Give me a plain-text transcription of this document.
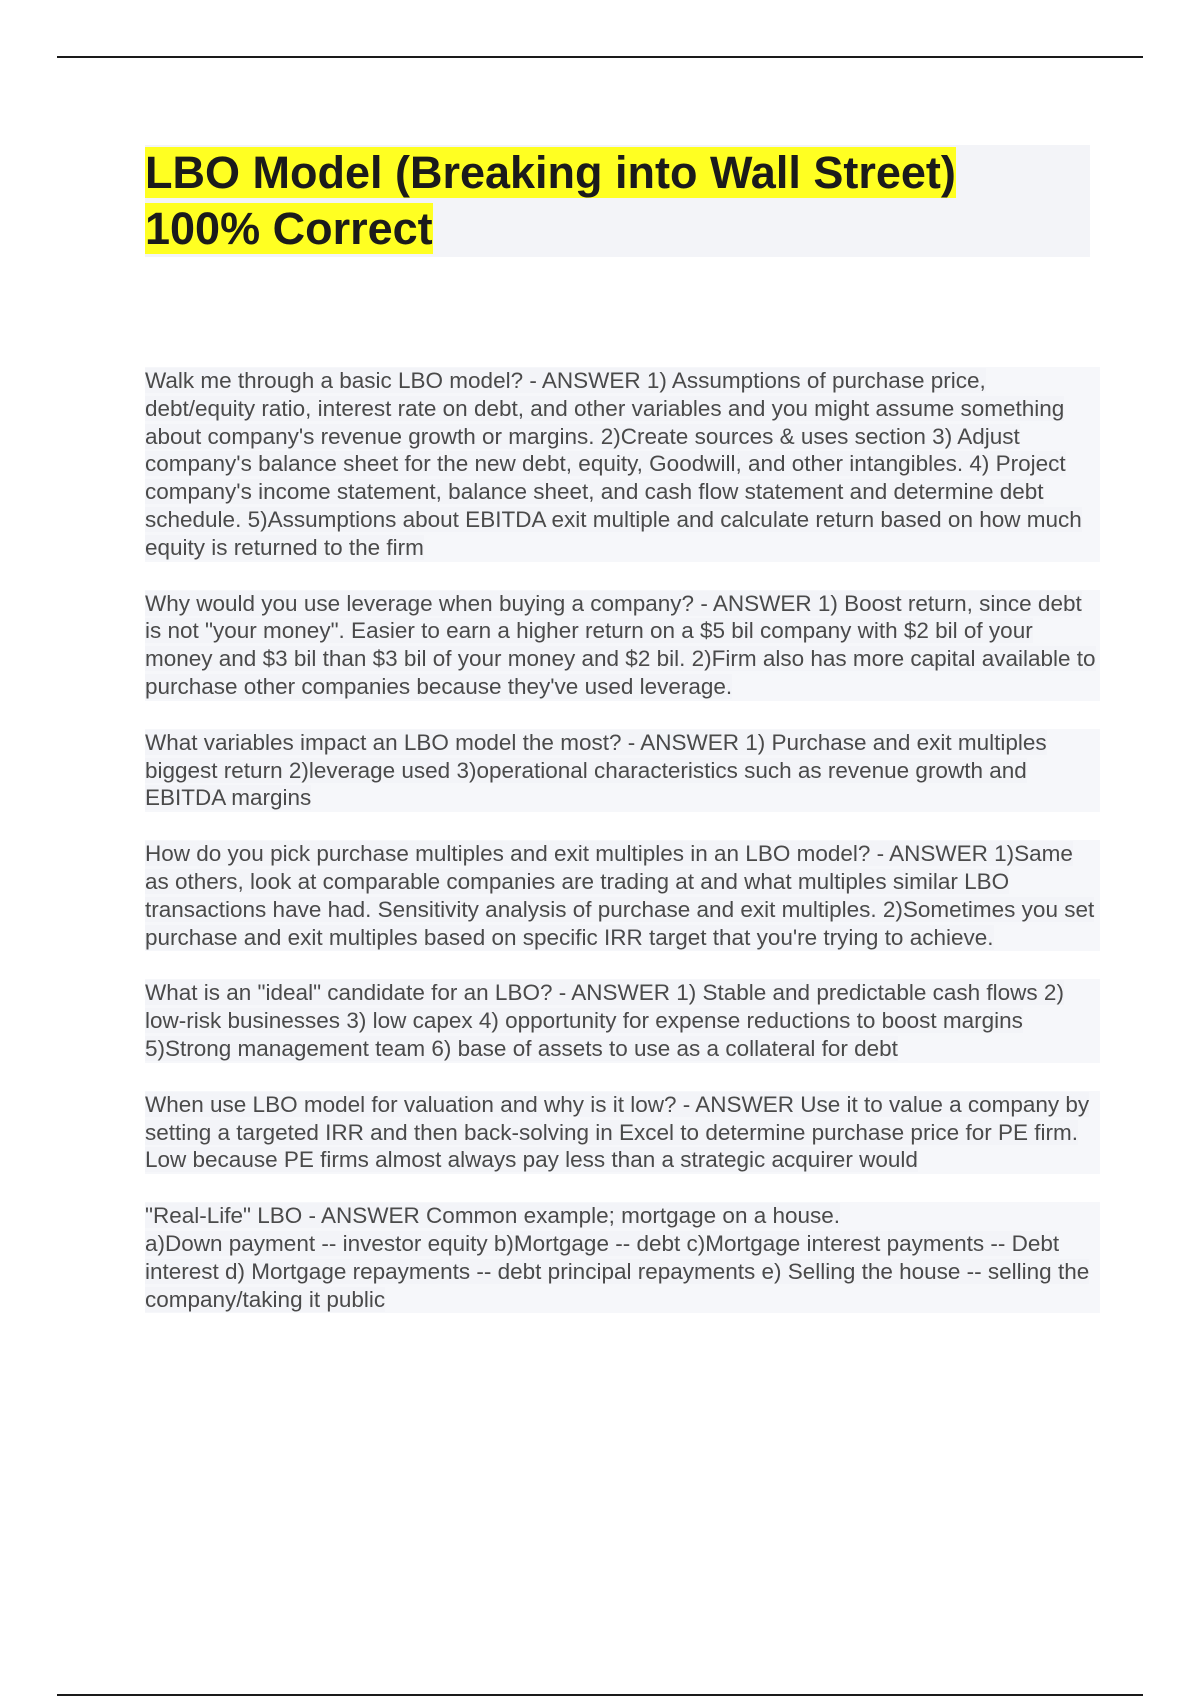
LBO Model (Breaking into Wall Street)
100% Correct

Walk me through a basic LBO model? - ANSWER 1) Assumptions of purchase price, debt/equity ratio, interest rate on debt, and other variables and you might assume something about company's revenue growth or margins. 2)Create sources & uses section 3) Adjust company's balance sheet for the new debt, equity, Goodwill, and other intangibles. 4) Project company's income statement, balance sheet, and cash flow statement and determine debt schedule. 5)Assumptions about EBITDA exit multiple and calculate return based on how much equity is returned to the firm

Why would you use leverage when buying a company? - ANSWER 1) Boost return, since debt is not "your money". Easier to earn a higher return on a $5 bil company with $2 bil of your money and $3 bil than $3 bil of your money and $2 bil. 2)Firm also has more capital available to purchase other companies because they've used leverage.

What variables impact an LBO model the most? - ANSWER 1) Purchase and exit multiples biggest return 2)leverage used 3)operational characteristics such as revenue growth and EBITDA margins

How do you pick purchase multiples and exit multiples in an LBO model? - ANSWER 1)Same as others, look at comparable companies are trading at and what multiples similar LBO transactions have had. Sensitivity analysis of purchase and exit multiples. 2)Sometimes you set purchase and exit multiples based on specific IRR target that you're trying to achieve.

What is an "ideal" candidate for an LBO? - ANSWER 1) Stable and predictable cash flows 2) low-risk businesses 3) low capex 4) opportunity for expense reductions to boost margins 5)Strong management team 6) base of assets to use as a collateral for debt

When use LBO model for valuation and why is it low? - ANSWER Use it to value a company by setting a targeted IRR and then back-solving in Excel to determine purchase price for PE firm. Low because PE firms almost always pay less than a strategic acquirer would

"Real-Life" LBO - ANSWER Common example; mortgage on a house.
a)Down payment -- investor equity b)Mortgage -- debt c)Mortgage interest payments -- Debt interest d) Mortgage repayments -- debt principal repayments e) Selling the house -- selling the company/taking it public
